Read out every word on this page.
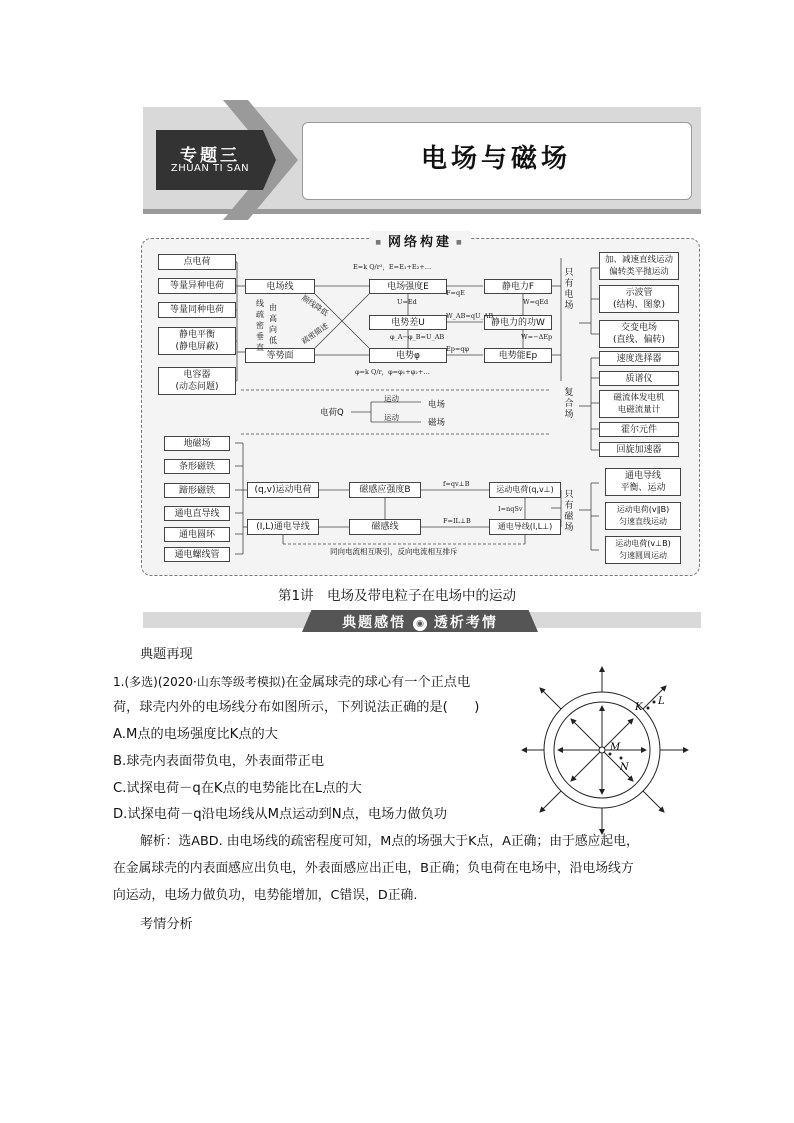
专题三
ZHUAN TI SAN	电场与磁场
■ 网络构建 ■
点电荷
等量异种电荷
等量同种电荷
静电平衡
(静电屏蔽)
电容器
(动态问题)
电场线	电场强度E
电势差U
等势面	电势φ
静电力F
静电力的功W
电势能Ep
E=k Q/r²，E=E₁+E₂+…
F=qE
U=Ed	W=qEd
W_AB=qU_AB
φ_A−φ_B=U_AB	W=−ΔEp
Ep=qφ
φ=k Q/r，φ=φ₁+φ₂+…
线 疏 密 垂 直
由 高 向 低
顺线降低
疏密描述
电荷Q
运动
运动
电场
磁场
只有电场
加、减速直线运动
偏转类平抛运动
示波管
(结构、图象)
交变电场
(直线、偏转)
复合场
速度选择器
质谱仪
磁流体发电机
电磁流量计
霍尔元件
回旋加速器
地磁场
条形磁铁
蹄形磁铁
通电直导线
通电圆环
通电螺线管
(q,v)运动电荷	磁感应强度B	运动电荷(q,v⊥)
(I,L)通电导线	磁感线	通电导线(I,L⊥)
f=qv⊥B
I=nqSv
F=IL⊥B
同向电流相互吸引，反向电流相互排斥
只有磁场
通电导线
平衡、运动
运动电荷(v∥B)
匀速直线运动
运动电荷(v⊥B)
匀速圆周运动
第1讲　电场及带电粒子在电场中的运动
典题感悟 ◉ 透析考情
典题再现
1.(多选)(2020·山东等级考模拟)在金属球壳的球心有一个正点电
荷，球壳内外的电场线分布如图所示，下列说法正确的是(　　)
A.M点的电场强度比K点的大
B.球壳内表面带负电，外表面带正电
C.试探电荷－q在K点的电势能比在L点的大
D.试探电荷－q沿电场线从M点运动到N点，电场力做负功
解析：选ABD. 由电场线的疏密程度可知，M点的场强大于K点，A正确；由于感应起电，
在金属球壳的内表面感应出负电，外表面感应出正电，B正确；负电荷在电场中，沿电场线方
向运动，电场力做负功，电势能增加，C错误，D正确.
考情分析
K
L
M
N
